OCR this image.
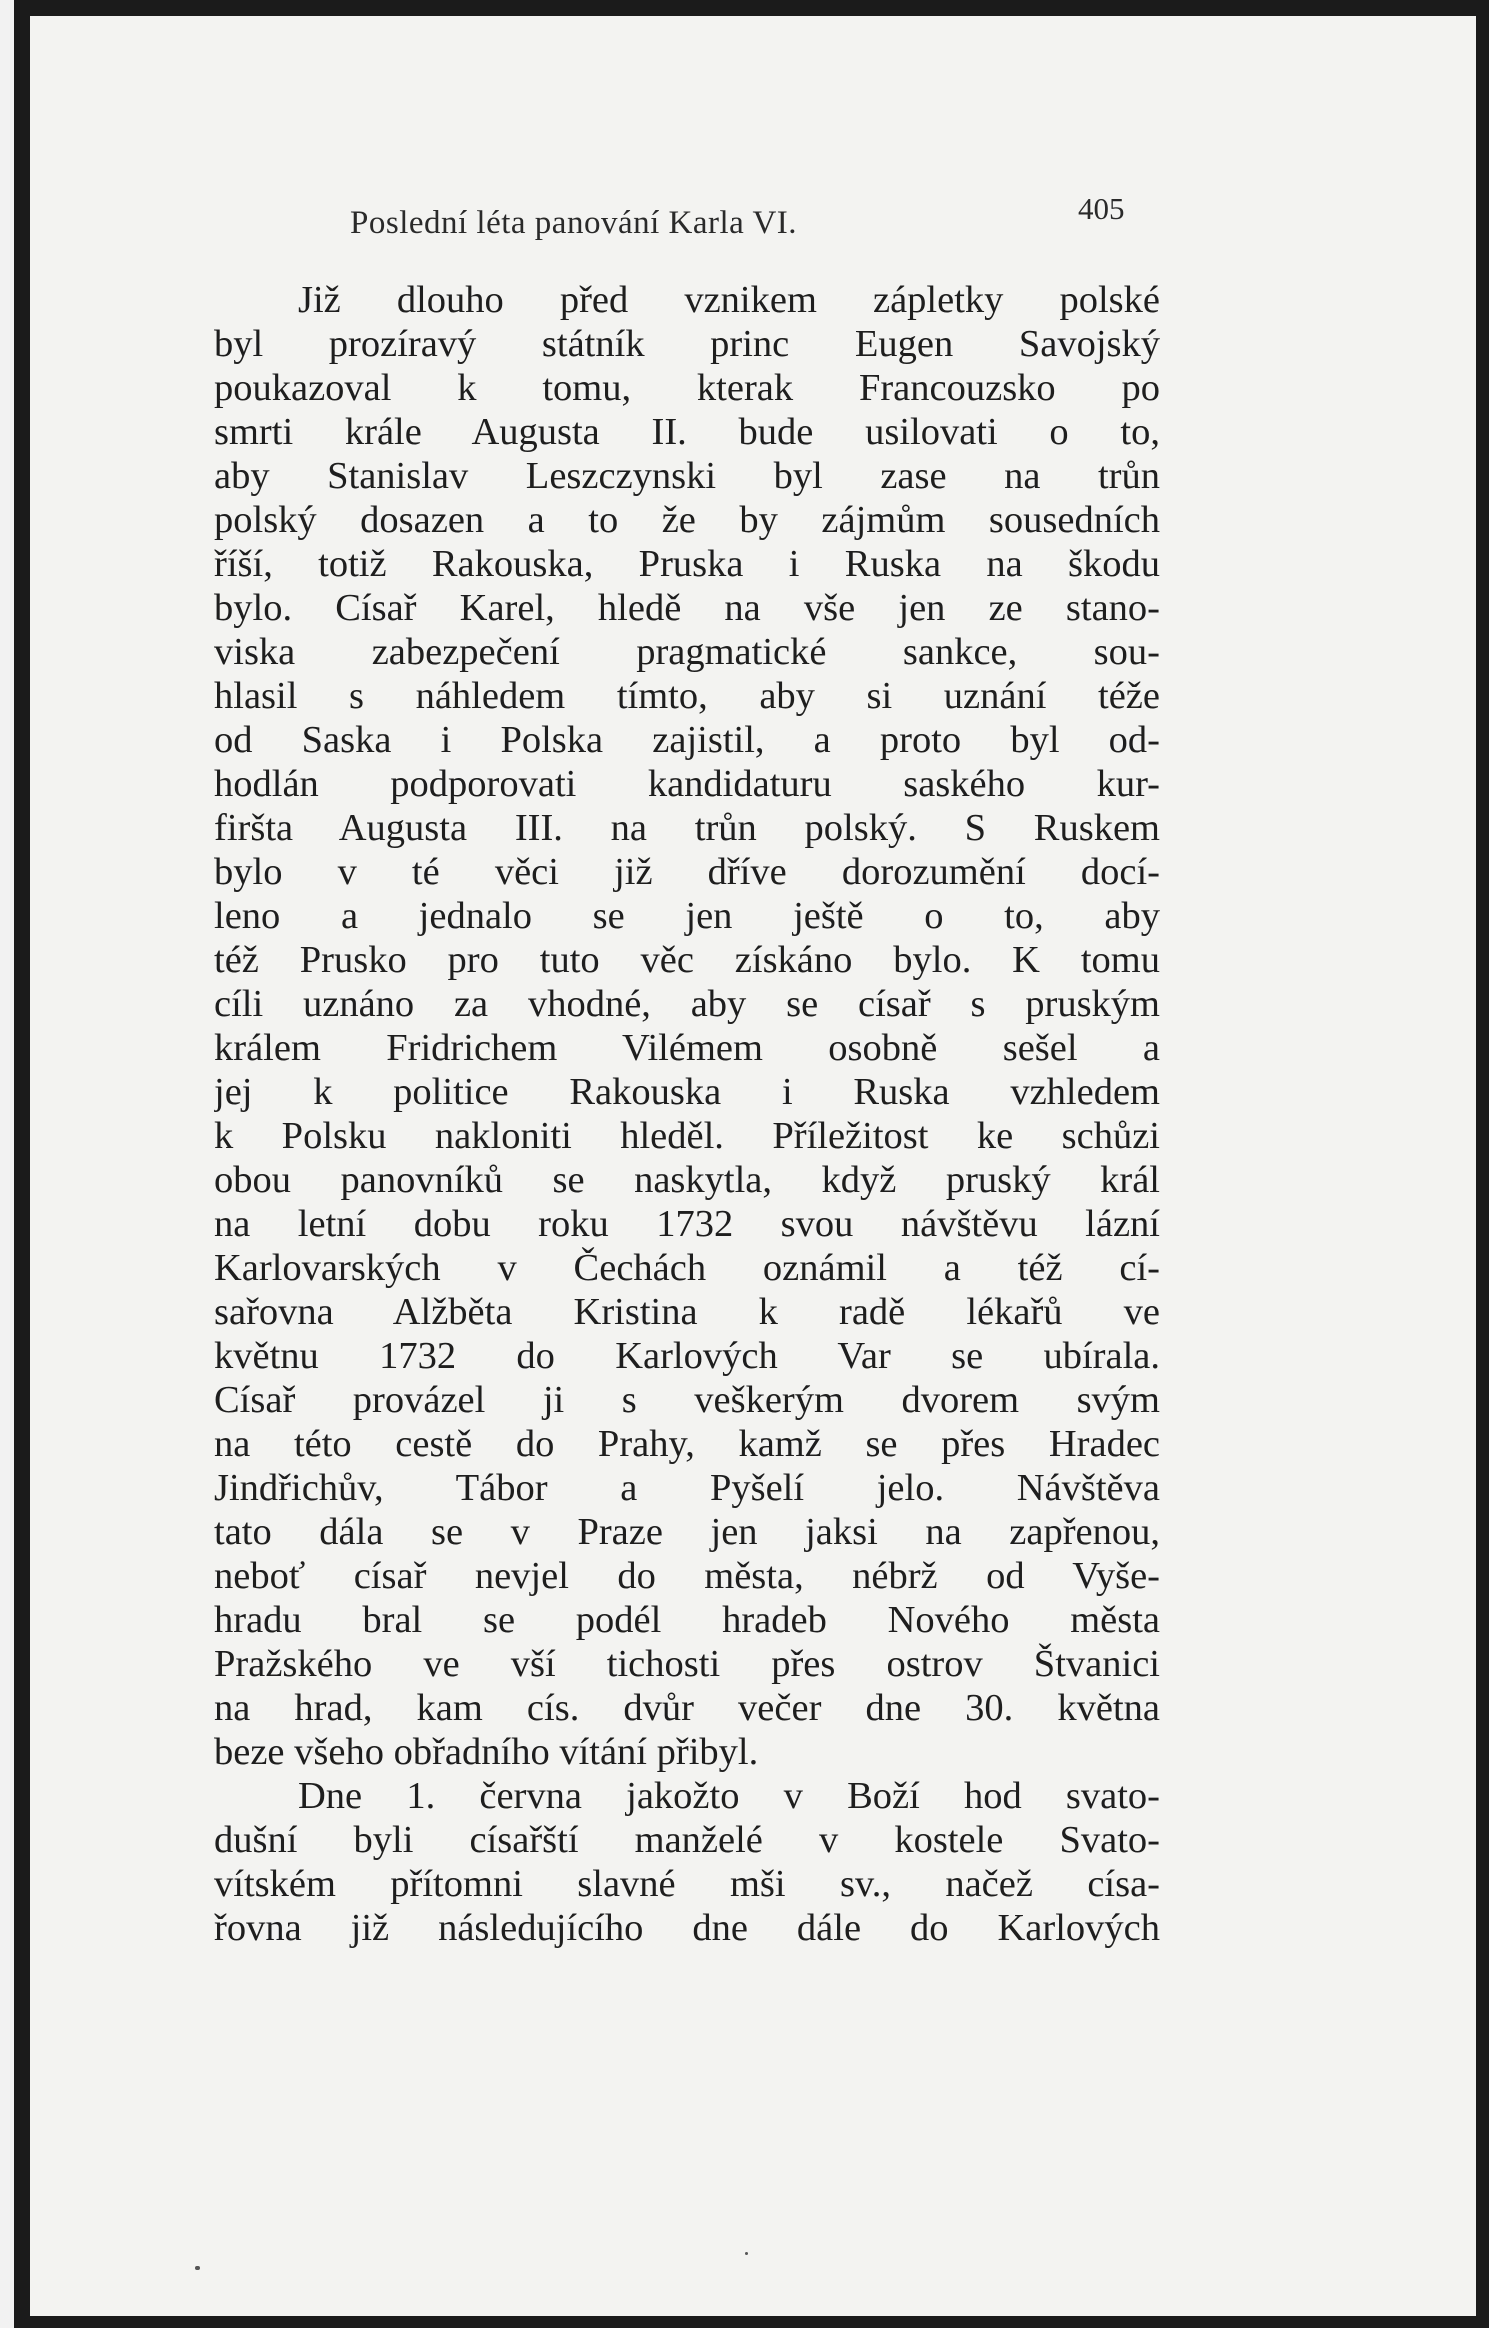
Poslední léta panování Karla VI.	405
Již dlouho před vznikem zápletky polské
byl prozíravý státník princ Eugen Savojský
poukazoval k tomu, kterak Francouzsko po
smrti krále Augusta II. bude usilovati o to,
aby Stanislav Leszczynski byl zase na trůn
polský dosazen a to že by zájmům sousedních
říší, totiž Rakouska, Pruska i Ruska na škodu
bylo. Císař Karel, hledě na vše jen ze stano-
viska zabezpečení pragmatické sankce, sou-
hlasil s náhledem tímto, aby si uznání téže
od Saska i Polska zajistil, a proto byl od-
hodlán podporovati kandidaturu saského kur-
firšta Augusta III. na trůn polský. S Ruskem
bylo v té věci již dříve dorozumění docí-
leno a jednalo se jen ještě o to, aby
též Prusko pro tuto věc získáno bylo. K tomu
cíli uznáno za vhodné, aby se císař s pruským
králem Fridrichem Vilémem osobně sešel a
jej k politice Rakouska i Ruska vzhledem
k Polsku nakloniti hleděl. Příležitost ke schůzi
obou panovníků se naskytla, když pruský král
na letní dobu roku 1732 svou návštěvu lázní
Karlovarských v Čechách oznámil a též cí-
sařovna Alžběta Kristina k radě lékařů ve
květnu 1732 do Karlových Var se ubírala.
Císař provázel ji s veškerým dvorem svým
na této cestě do Prahy, kamž se přes Hradec
Jindřichův, Tábor a Pyšelí jelo. Návštěva
tato dála se v Praze jen jaksi na zapřenou,
neboť císař nevjel do města, nébrž od Vyše-
hradu bral se podél hradeb Nového města
Pražského ve vší tichosti přes ostrov Štvanici
na hrad, kam cís. dvůr večer dne 30. května
beze všeho obřadního vítání přibyl.
Dne 1. června jakožto v Boží hod svato-
dušní byli císařští manželé v kostele Svato-
vítském přítomni slavné mši sv., načež císa-
řovna již následujícího dne dále do Karlových
